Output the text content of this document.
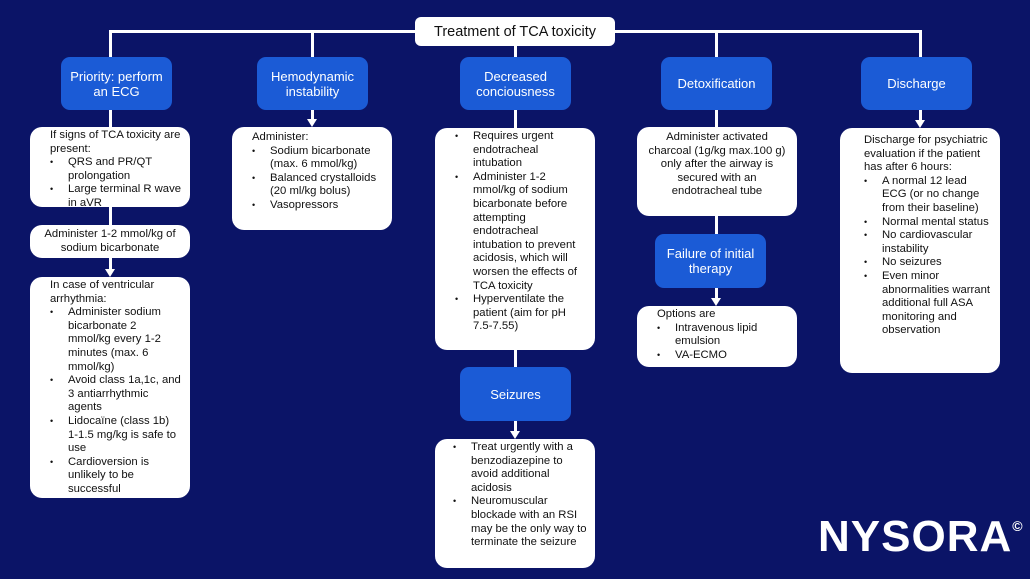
Treatment of TCA toxicity
Priority: perform an ECG
If signs of TCA toxicity are present:
• QRS and PR/QT prolongation
• Large terminal R wave in aVR
Administer 1-2 mmol/kg of sodium bicarbonate
In case of ventricular arrhythmia:
• Administer sodium bicarbonate 2 mmol/kg every 1-2 minutes (max. 6 mmol/kg)
• Avoid class 1a,1c, and 3 antiarrhythmic agents
• Lidocaïne (class 1b) 1-1.5 mg/kg is safe to use
• Cardioversion is unlikely to be successful
Hemodynamic instability
Administer:
• Sodium bicarbonate (max. 6 mmol/kg)
• Balanced crystalloids (20 ml/kg bolus)
• Vasopressors
Decreased conciousness
• Requires urgent endotracheal intubation
• Administer 1-2 mmol/kg of sodium bicarbonate before attempting endotracheal intubation to prevent acidosis, which will worsen the effects of TCA toxicity
• Hyperventilate the patient (aim for pH 7.5-7.55)
Seizures
• Treat urgently with a benzodiazepine to avoid additional acidosis
• Neuromuscular blockade with an RSI may be the only way to terminate the seizure
Detoxification
Administer activated charcoal (1g/kg max.100 g) only after the airway is secured with an endotracheal tube
Failure of initial therapy
Options are
• Intravenous lipid emulsion
• VA-ECMO
Discharge
Discharge for psychiatric evaluation if the patient has after 6 hours:
• A normal 12 lead ECG (or no change from their baseline)
• Normal mental status
• No cardiovascular instability
• No seizures
• Even minor abnormalities warrant additional full ASA monitoring and observation
NYSORA©
